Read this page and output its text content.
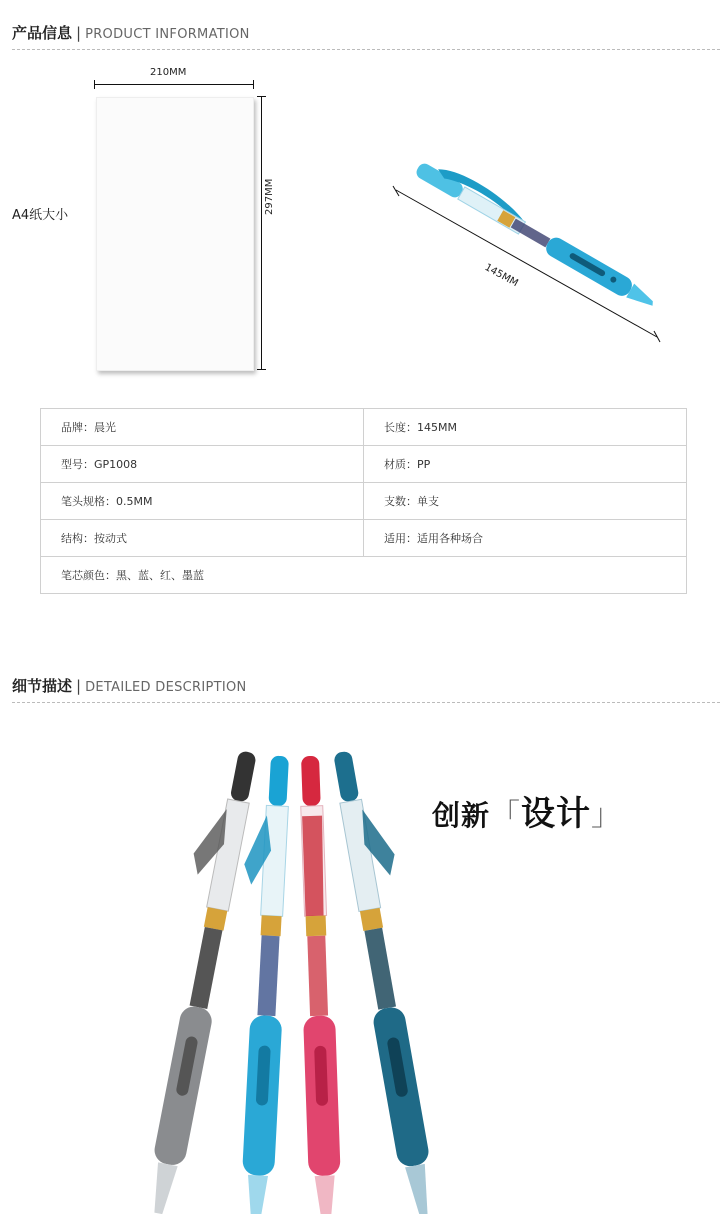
产品信息 | PRODUCT INFORMATION
A4纸大小
210MM
297MM
145MM
品牌：晨光	长度：145MM
型号：GP1008	材质：PP
笔头规格：0.5MM	支数：单支
结构：按动式	适用：适用各种场合
笔芯颜色：黑、蓝、红、墨蓝	
细节描述 | DETAILED DESCRIPTION
创新「设计」
